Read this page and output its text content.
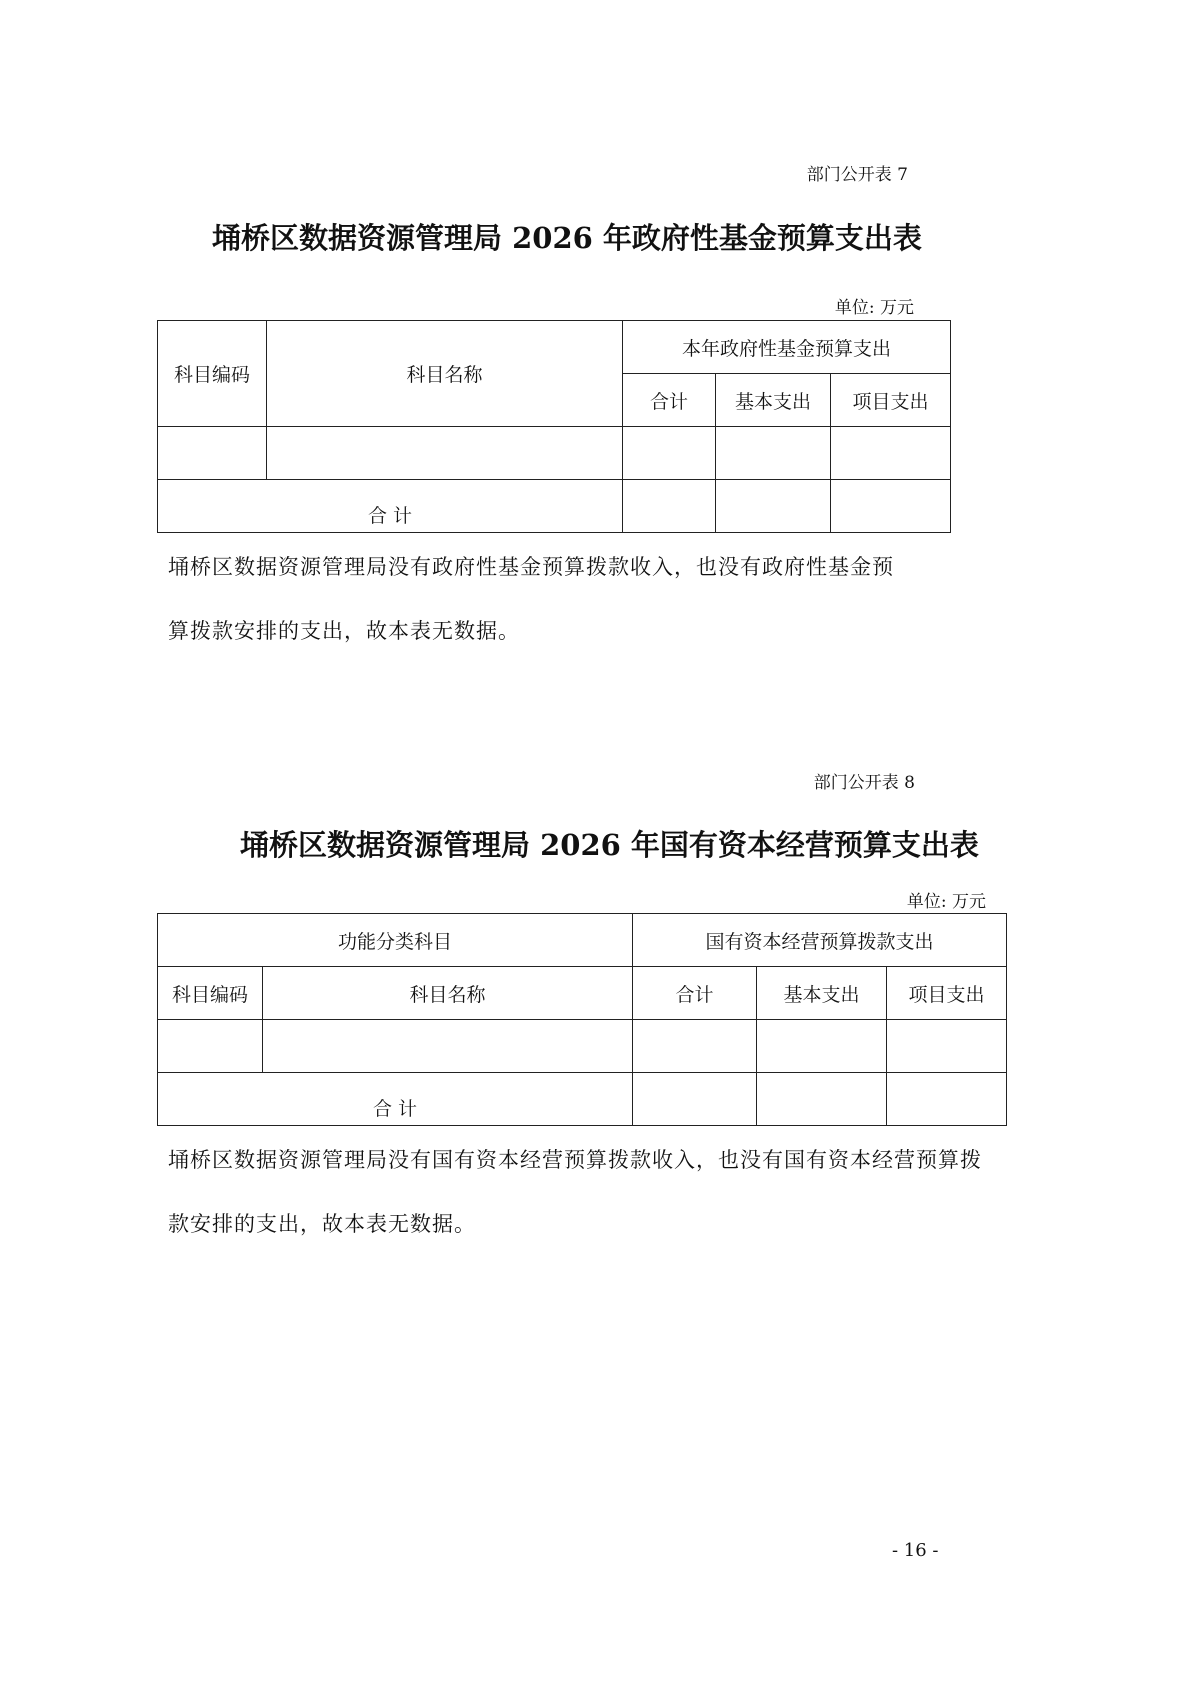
部门公开表 7
埇桥区数据资源管理局 2026 年政府性基金预算支出表
单位: 万元
科目编码	科目名称	本年政府性基金预算支出		
		合计	基本支出	项目支出

合 计				
埇桥区数据资源管理局没有政府性基金预算拨款收入，也没有政府性基金预
算拨款安排的支出，故本表无数据。
部门公开表 8
埇桥区数据资源管理局 2026 年国有资本经营预算支出表
单位: 万元
功能分类科目		国有资本经营预算拨款支出		
科目编码	科目名称	合计	基本支出	项目支出

合 计				
埇桥区数据资源管理局没有国有资本经营预算拨款收入，也没有国有资本经营预算拨
款安排的支出，故本表无数据。
- 16 -
